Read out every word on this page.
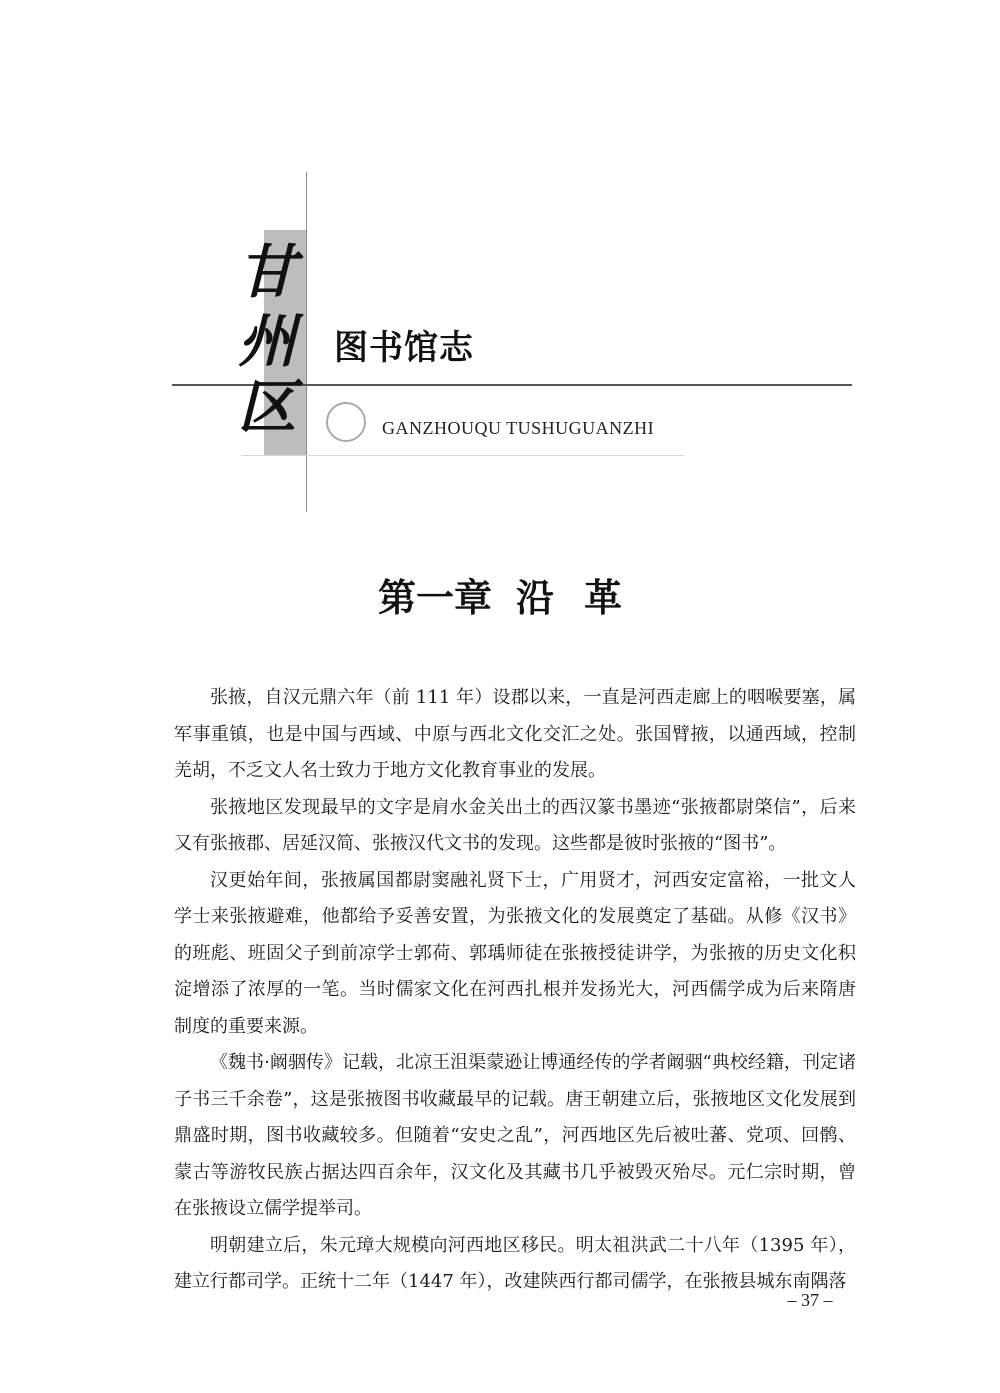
甘
州
区
图书馆志
GANZHOUQU TUSHUGUANZHI
第一章 沿 革

张掖，自汉元鼎六年（前 111 年）设郡以来，一直是河西走廊上的咽喉要塞，属军事重镇，也是中国与西域、中原与西北文化交汇之处。张国臂掖，以通西域，控制羌胡，不乏文人名士致力于地方文化教育事业的发展。

张掖地区发现最早的文字是肩水金关出土的西汉篆书墨迹“张掖都尉棨信”，后来又有张掖郡、居延汉简、张掖汉代文书的发现。这些都是彼时张掖的“图书”。

汉更始年间，张掖属国都尉窦融礼贤下士，广用贤才，河西安定富裕，一批文人学士来张掖避难，他都给予妥善安置，为张掖文化的发展奠定了基础。从修《汉书》的班彪、班固父子到前凉学士郭荷、郭瑀师徒在张掖授徒讲学，为张掖的历史文化积淀增添了浓厚的一笔。当时儒家文化在河西扎根并发扬光大，河西儒学成为后来隋唐制度的重要来源。

《魏书·阚骃传》记载，北凉王沮渠蒙逊让博通经传的学者阚骃“典校经籍，刊定诸子书三千余卷”，这是张掖图书收藏最早的记载。唐王朝建立后，张掖地区文化发展到鼎盛时期，图书收藏较多。但随着“安史之乱”，河西地区先后被吐蕃、党项、回鹘、蒙古等游牧民族占据达四百余年，汉文化及其藏书几乎被毁灭殆尽。元仁宗时期，曾在张掖设立儒学提举司。

明朝建立后，朱元璋大规模向河西地区移民。明太祖洪武二十八年（1395 年），建立行都司学。正统十二年（1447 年），改建陕西行都司儒学，在张掖县城东南隅落

– 37 –
